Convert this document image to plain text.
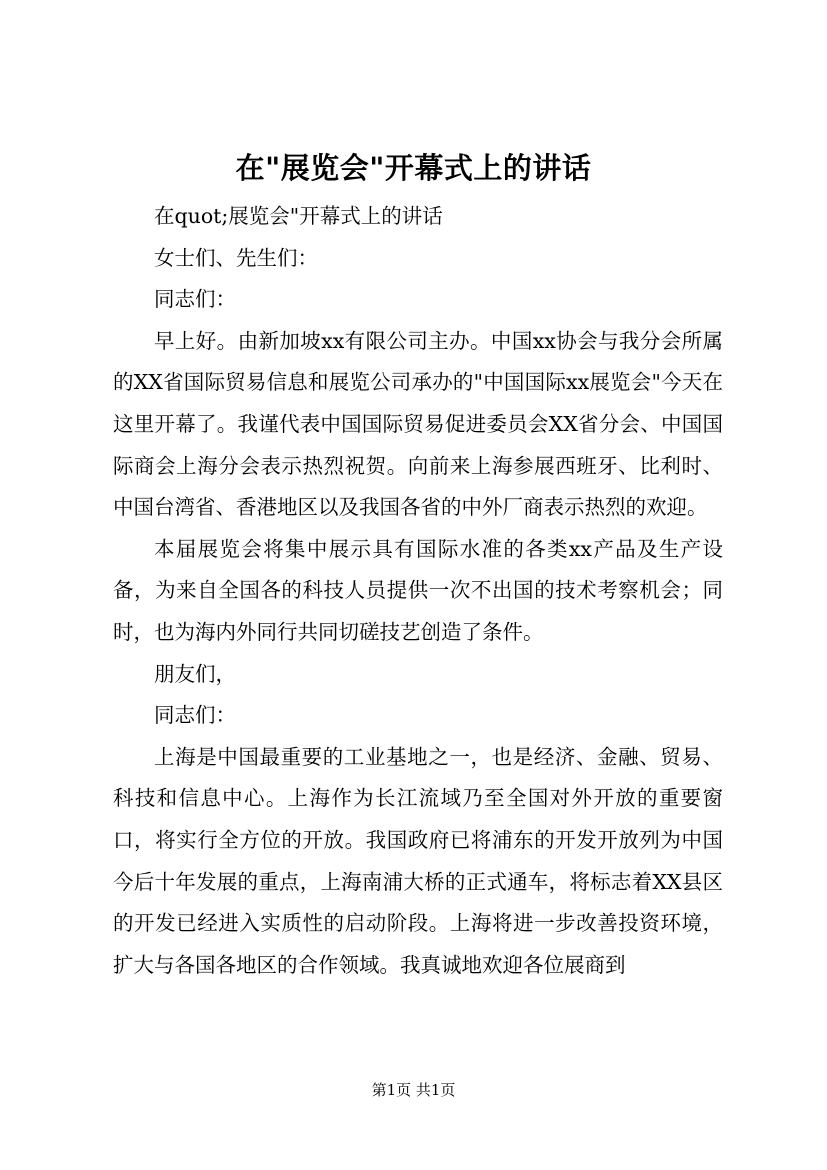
在"展览会"开幕式上的讲话

在quot;展览会"开幕式上的讲话

女士们、先生们：

同志们：

早上好。由新加坡xx有限公司主办。中国xx协会与我分会所属的XX省国际贸易信息和展览公司承办的"中国国际xx展览会"今天在这里开幕了。我谨代表中国国际贸易促进委员会XX省分会、中国国际商会上海分会表示热烈祝贺。向前来上海参展西班牙、比利时、中国台湾省、香港地区以及我国各省的中外厂商表示热烈的欢迎。

本届展览会将集中展示具有国际水准的各类xx产品及生产设备，为来自全国各的科技人员提供一次不出国的技术考察机会；同时，也为海内外同行共同切磋技艺创造了条件。

朋友们，

同志们：

上海是中国最重要的工业基地之一，也是经济、金融、贸易、科技和信息中心。上海作为长江流域乃至全国对外开放的重要窗口，将实行全方位的开放。我国政府已将浦东的开发开放列为中国今后十年发展的重点，上海南浦大桥的正式通车，将标志着XX县区的开发已经进入实质性的启动阶段。上海将进一步改善投资环境，扩大与各国各地区的合作领域。我真诚地欢迎各位展商到

第1页 共1页
